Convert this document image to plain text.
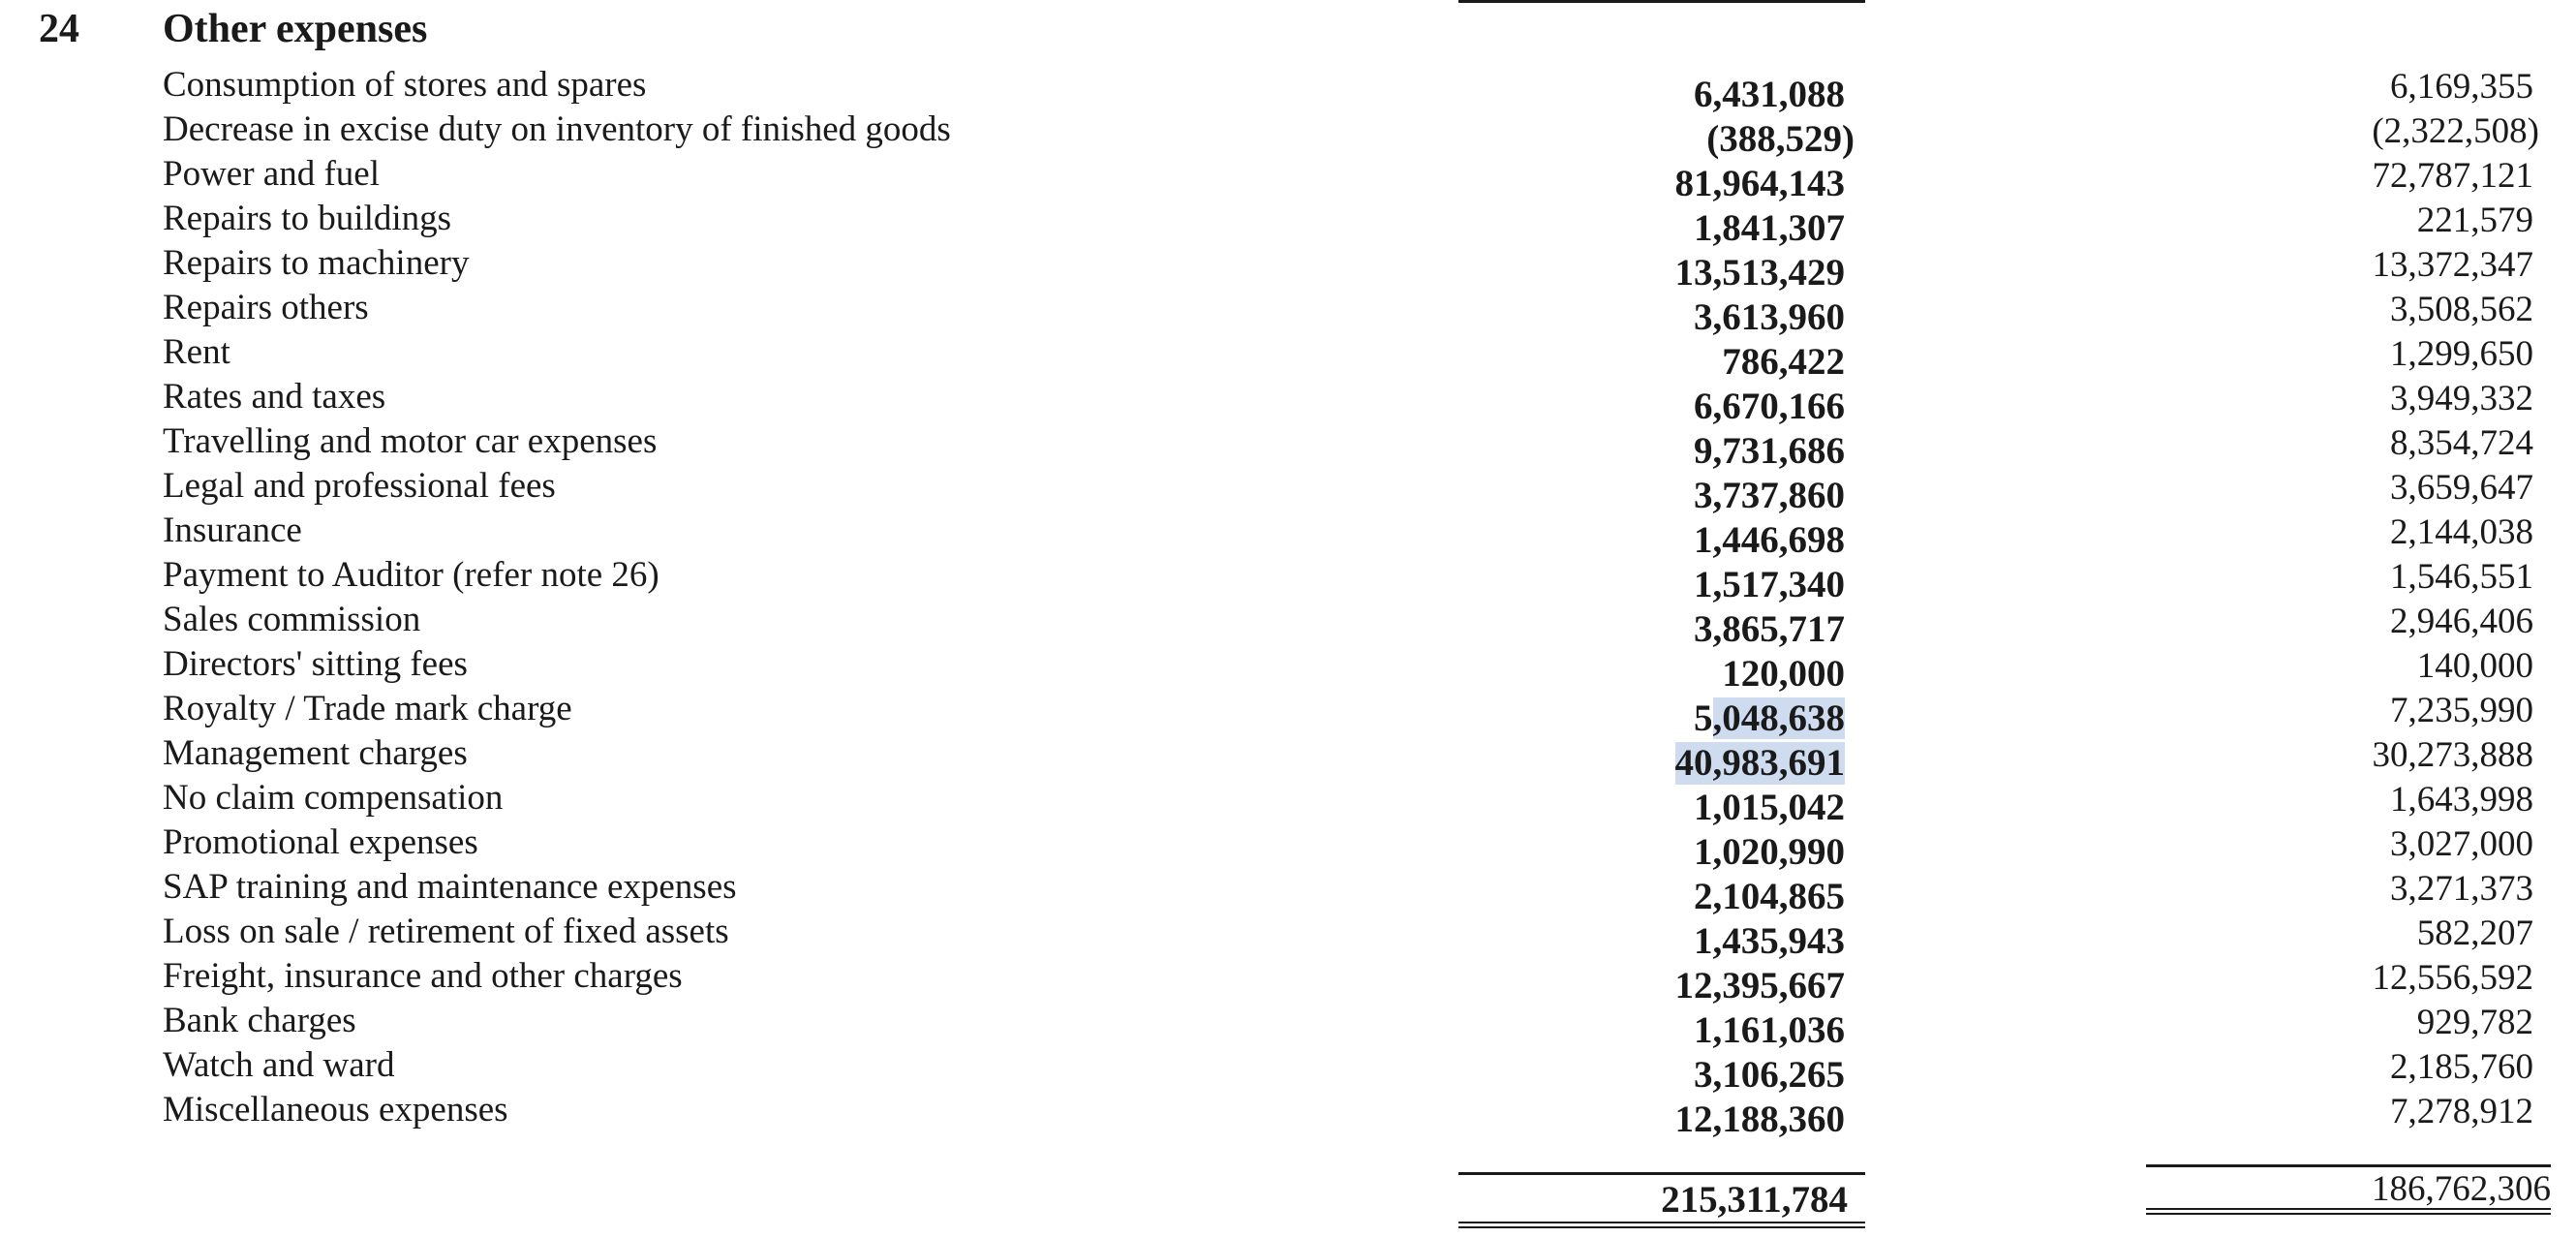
24 Other expenses
Consumption of stores and spares	6,431,088	6,169,355
Decrease in excise duty on inventory of finished goods	(388,529)	(2,322,508)
Power and fuel	81,964,143	72,787,121
Repairs to buildings	1,841,307	221,579
Repairs to machinery	13,513,429	13,372,347
Repairs others	3,613,960	3,508,562
Rent	786,422	1,299,650
Rates and taxes	6,670,166	3,949,332
Travelling and motor car expenses	9,731,686	8,354,724
Legal and professional fees	3,737,860	3,659,647
Insurance	1,446,698	2,144,038
Payment to Auditor (refer note 26)	1,517,340	1,546,551
Sales commission	3,865,717	2,946,406
Directors' sitting fees	120,000	140,000
Royalty / Trade mark charge	5,048,638	7,235,990
Management charges	40,983,691	30,273,888
No claim compensation	1,015,042	1,643,998
Promotional expenses	1,020,990	3,027,000
SAP training and maintenance expenses	2,104,865	3,271,373
Loss on sale / retirement of fixed assets	1,435,943	582,207
Freight, insurance and other charges	12,395,667	12,556,592
Bank charges	1,161,036	929,782
Watch and ward	3,106,265	2,185,760
Miscellaneous expenses	12,188,360	7,278,912
215,311,784	186,762,306
